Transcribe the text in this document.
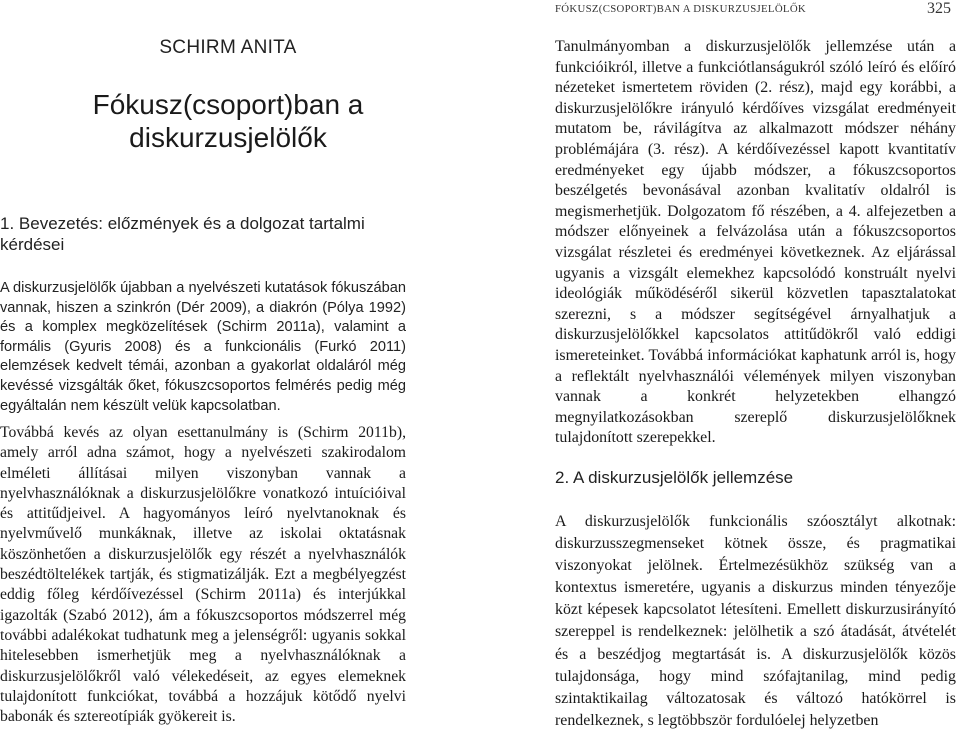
SCHIRM ANITA
Fókusz(csoport)ban a diskurzusjelölők
1. Bevezetés: előzmények és a dolgozat tartalmi kérdései
A diskurzusjelölők újabban a nyelvészeti kutatások fókuszában vannak, hiszen a szinkrón (Dér 2009), a diakrón (Pólya 1992) és a komplex megközelítések (Schirm 2011a), valamint a formális (Gyuris 2008) és a funkcionális (Furkó 2011) elemzések kedvelt témái, azonban a gyakorlat oldaláról még kevéssé vizsgálták őket, fókuszcsoportos felmérés pedig még egyáltalán nem készült velük kapcsolatban.
Továbbá kevés az olyan esettanulmány is (Schirm 2011b), amely arról adna számot, hogy a nyelvészeti szakirodalom elméleti állításai milyen viszonyban vannak a nyelvhasználóknak a diskurzusjelölőkre vonatkozó intuícióival és attitűdjeivel. A hagyományos leíró nyelvtanoknak és nyelvművelő munkáknak, illetve az iskolai oktatásnak köszönhetően a diskurzusjelölők egy részét a nyelvhasználók beszédtöltelékek tartják, és stigmatizálják. Ezt a megbélyegzést eddig főleg kérdőívezéssel (Schirm 2011a) és interjúkkal igazolták (Szabó 2012), ám a fókuszcsoportos módszerrel még további adalékokat tudhatunk meg a jelenségről: ugyanis sokkal hitelesebben ismerhetjük meg a nyelvhasználóknak a diskurzusjelölőkről való vélekedéseit, az egyes elemeknek tulajdonított funkciókat, továbbá a hozzájuk kötődő nyelvi babonák és sztereotípiák gyökereit is.
FÓKUSZ(CSOPORT)BAN A DISKURZUSJELÖLŐK	325
Tanulmányomban a diskurzusjelölők jellemzése után a funkcióikról, illetve a funkciótlanságukról szóló leíró és előíró nézeteket ismertetem röviden (2. rész), majd egy korábbi, a diskurzusjelölőkre irányuló kérdőíves vizsgálat eredményeit mutatom be, rávilágítva az alkalmazott módszer néhány problémájára (3. rész). A kérdőívezéssel kapott kvantitatív eredményeket egy újabb módszer, a fókuszcsoportos beszélgetés bevonásával azonban kvalitatív oldalról is megismerhetjük. Dolgozatom fő részében, a 4. alfejezetben a módszer előnyeinek a felvázolása után a fókuszcsoportos vizsgálat részletei és eredményei következnek. Az eljárással ugyanis a vizsgált elemekhez kapcsolódó konstruált nyelvi ideológiák működéséről sikerül közvetlen tapasztalatokat szerezni, s a módszer segítségével árnyalhatjuk a diskurzusjelölőkkel kapcsolatos attitűdökről való eddigi ismereteinket. Továbbá információkat kaphatunk arról is, hogy a reflektált nyelvhasználói vélemények milyen viszonyban vannak a konkrét helyzetekben elhangzó megnyilatkozásokban szereplő diskurzusjelölőknek tulajdonított szerepekkel.
2. A diskurzusjelölők jellemzése
A diskurzusjelölők funkcionális szóosztályt alkotnak: diskurzusszegmenseket kötnek össze, és pragmatikai viszonyokat jelölnek. Értelmezésükhöz szükség van a kontextus ismeretére, ugyanis a diskurzus minden tényezője közt képesek kapcsolatot létesíteni. Emellett diskurzusirányító szereppel is rendelkeznek: jelölhetik a szó átadását, átvételét és a beszédjog megtartását is. A diskurzusjelölők közös tulajdonsága, hogy mind szófajtanilag, mind pedig szintaktikailag változatosak és változó hatókörrel is rendelkeznek, s legtöbbször fordulóelej helyzetben
